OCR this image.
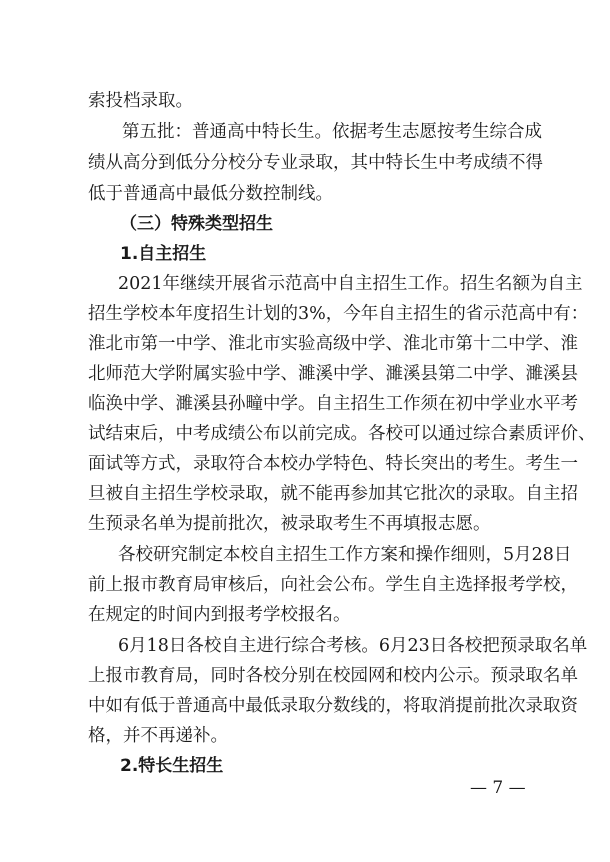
索投档录取。
第五批：普通高中特长生。依据考生志愿按考生综合成
绩从高分到低分分校分专业录取，其中特长生中考成绩不得
低于普通高中最低分数控制线。
（三）特殊类型招生
1.自主招生
2021年继续开展省示范高中自主招生工作。招生名额为自主
招生学校本年度招生计划的3%，今年自主招生的省示范高中有：
淮北市第一中学、淮北市实验高级中学、淮北市第十二中学、淮
北师范大学附属实验中学、濉溪中学、濉溪县第二中学、濉溪县
临涣中学、濉溪县孙疃中学。自主招生工作须在初中学业水平考
试结束后，中考成绩公布以前完成。各校可以通过综合素质评价、
面试等方式，录取符合本校办学特色、特长突出的考生。考生一
旦被自主招生学校录取，就不能再参加其它批次的录取。自主招
生预录名单为提前批次，被录取考生不再填报志愿。
各校研究制定本校自主招生工作方案和操作细则，5月28日
前上报市教育局审核后，向社会公布。学生自主选择报考学校，
在规定的时间内到报考学校报名。
6月18日各校自主进行综合考核。6月23日各校把预录取名单
上报市教育局，同时各校分别在校园网和校内公示。预录取名单
中如有低于普通高中最低录取分数线的，将取消提前批次录取资
格，并不再递补。
2.特长生招生
— 7 —
